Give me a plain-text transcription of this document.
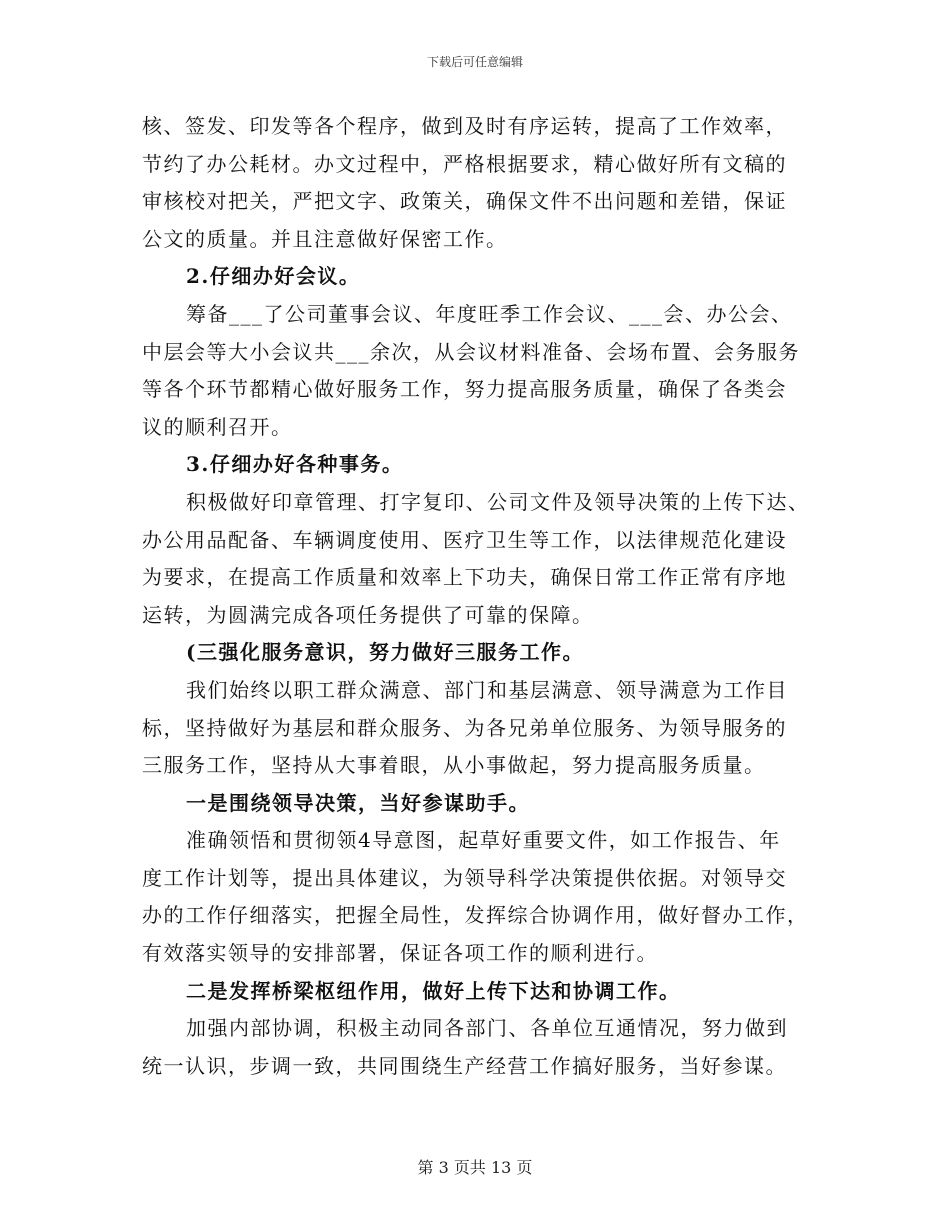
下载后可任意编辑
核、签发、印发等各个程序，做到及时有序运转，提高了工作效率，
节约了办公耗材。办文过程中，严格根据要求，精心做好所有文稿的
审核校对把关，严把文字、政策关，确保文件不出问题和差错，保证
公文的质量。并且注意做好保密工作。
2.仔细办好会议。
筹备___了公司董事会议、年度旺季工作会议、___会、办公会、
中层会等大小会议共___余次，从会议材料准备、会场布置、会务服务
等各个环节都精心做好服务工作，努力提高服务质量，确保了各类会
议的顺利召开。
3.仔细办好各种事务。
积极做好印章管理、打字复印、公司文件及领导决策的上传下达、
办公用品配备、车辆调度使用、医疗卫生等工作，以法律规范化建设
为要求，在提高工作质量和效率上下功夫，确保日常工作正常有序地
运转，为圆满完成各项任务提供了可靠的保障。
(三强化服务意识，努力做好三服务工作。
我们始终以职工群众满意、部门和基层满意、领导满意为工作目
标，坚持做好为基层和群众服务、为各兄弟单位服务、为领导服务的
三服务工作，坚持从大事着眼，从小事做起，努力提高服务质量。
一是围绕领导决策，当好参谋助手。
准确领悟和贯彻领4导意图，起草好重要文件，如工作报告、年
度工作计划等，提出具体建议，为领导科学决策提供依据。对领导交
办的工作仔细落实，把握全局性，发挥综合协调作用，做好督办工作，
有效落实领导的安排部署，保证各项工作的顺利进行。
二是发挥桥梁枢纽作用，做好上传下达和协调工作。
加强内部协调，积极主动同各部门、各单位互通情况，努力做到
统一认识，步调一致，共同围绕生产经营工作搞好服务，当好参谋。
第 3 页共 13 页
